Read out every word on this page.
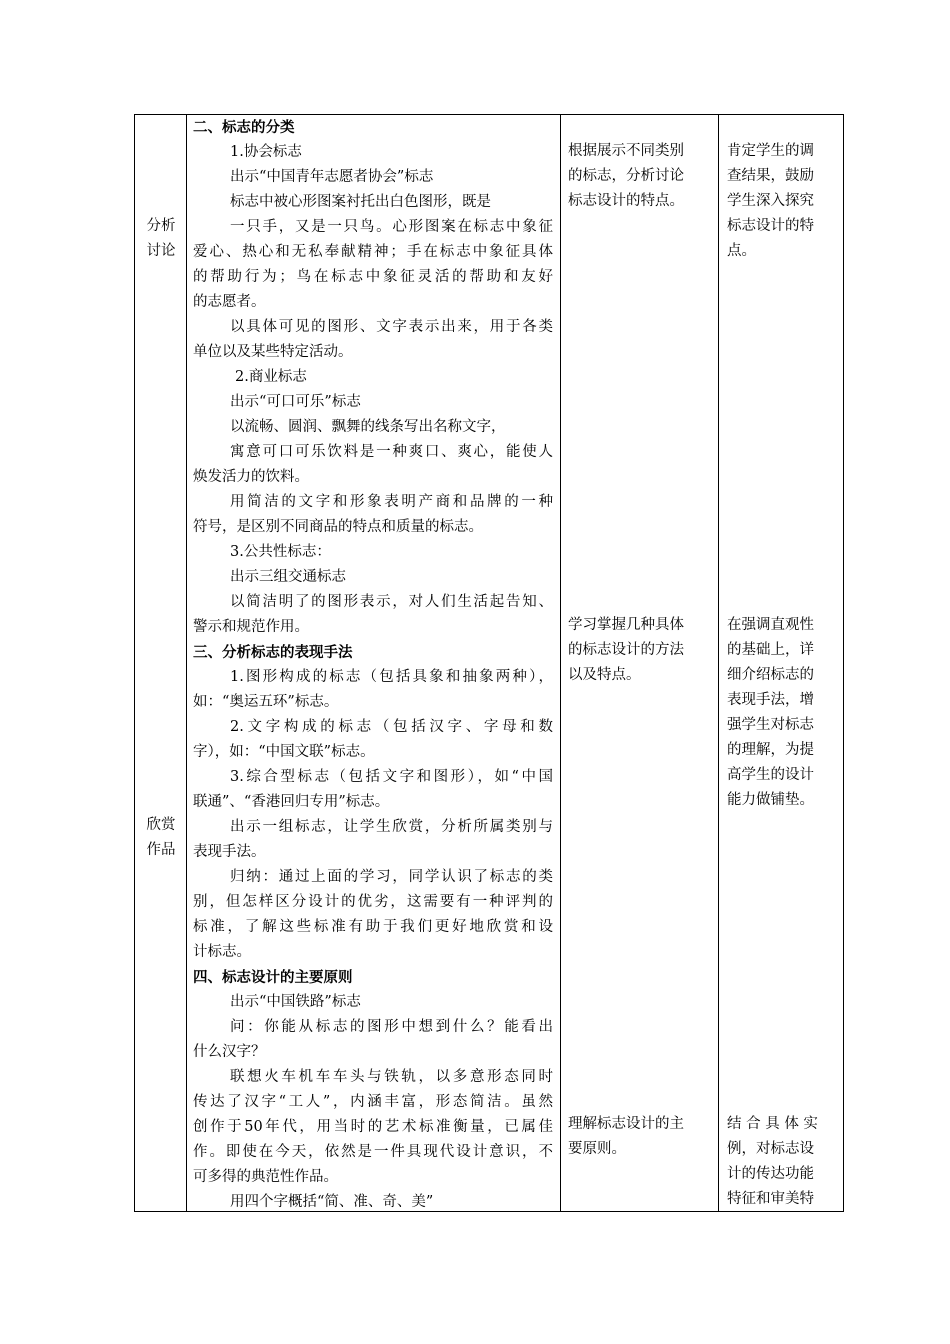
分析
讨论
欣赏
作品
二、标志的分类
1.协会标志
出示“中国青年志愿者协会”标志
标志中被心形图案衬托出白色图形，既是
一只手，又是一只鸟。心形图案在标志中象征
爱心、热心和无私奉献精神；手在标志中象征具体
的帮助行为；鸟在标志中象征灵活的帮助和友好
的志愿者。
以具体可见的图形、文字表示出来，用于各类
单位以及某些特定活动。
2.商业标志
出示“可口可乐”标志
以流畅、圆润、飘舞的线条写出名称文字，
寓意可口可乐饮料是一种爽口、爽心，能使人
焕发活力的饮料。
用简洁的文字和形象表明产商和品牌的一种
符号，是区别不同商品的特点和质量的标志。
3.公共性标志：
出示三组交通标志
以简洁明了的图形表示，对人们生活起告知、
警示和规范作用。
三、分析标志的表现手法
1.图形构成的标志（包括具象和抽象两种），
如：“奥运五环”标志。
2.文字构成的标志（包括汉字、字母和数
字），如：“中国文联”标志。
3.综合型标志（包括文字和图形），如“中国
联通”、“香港回归专用”标志。
出示一组标志，让学生欣赏，分析所属类别与
表现手法。
归纳：通过上面的学习，同学认识了标志的类
别，但怎样区分设计的优劣，这需要有一种评判的
标准，了解这些标准有助于我们更好地欣赏和设
计标志。
四、标志设计的主要原则
出示“中国铁路”标志
问：你能从标志的图形中想到什么？能看出
什么汉字？
联想火车机车车头与铁轨，以多意形态同时
传达了汉字“工人”，内涵丰富，形态简洁。虽然
创作于50年代，用当时的艺术标准衡量，已属佳
作。即使在今天，依然是一件具现代设计意识，不
可多得的典范性作品。
用四个字概括“简、准、奇、美”
根据展示不同类别
的标志，分析讨论
标志设计的特点。
学习掌握几种具体
的标志设计的方法
以及特点。
理解标志设计的主
要原则。
肯定学生的调
查结果，鼓励
学生深入探究
标志设计的特
点。
在强调直观性
的基础上，详
细介绍标志的
表现手法，增
强学生对标志
的理解，为提
高学生的设计
能力做铺垫。
结 合 具 体 实
例，对标志设
计的传达功能
特征和审美特
